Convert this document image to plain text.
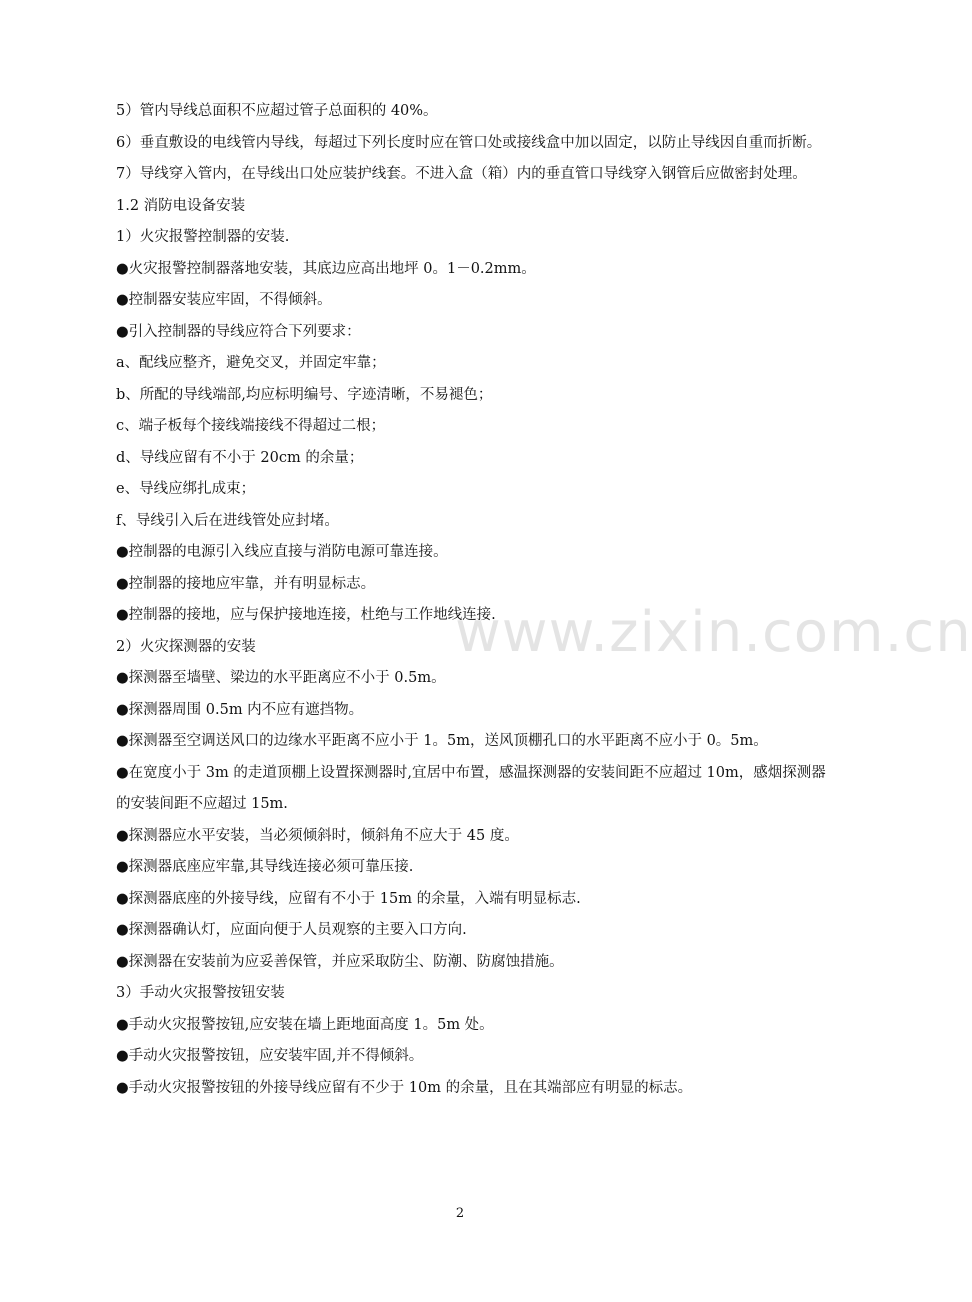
5）管内导线总面积不应超过管子总面积的 40%。
6）垂直敷设的电线管内导线，每超过下列长度时应在管口处或接线盒中加以固定，以防止导线因自重而折断。
7）导线穿入管内，在导线出口处应装护线套。不进入盒（箱）内的垂直管口导线穿入钢管后应做密封处理。
1.2 消防电设备安装
1）火灾报警控制器的安装.
●火灾报警控制器落地安装，其底边应高出地坪 0。1－0.2mm。
●控制器安装应牢固，不得倾斜。
●引入控制器的导线应符合下列要求：
a、配线应整齐，避免交叉，并固定牢靠；
b、所配的导线端部,均应标明编号、字迹清晰，不易褪色；
c、端子板每个接线端接线不得超过二根；
d、导线应留有不小于 20cm 的余量；
e、导线应绑扎成束；
f、导线引入后在进线管处应封堵。
●控制器的电源引入线应直接与消防电源可靠连接。
●控制器的接地应牢靠，并有明显标志。
●控制器的接地，应与保护接地连接，杜绝与工作地线连接.
2）火灾探测器的安装
●探测器至墙壁、梁边的水平距离应不小于 0.5m。
●探测器周围 0.5m 内不应有遮挡物。
●探测器至空调送风口的边缘水平距离不应小于 1。5m，送风顶棚孔口的水平距离不应小于 0。5m。
●在宽度小于 3m 的走道顶棚上设置探测器时,宜居中布置，感温探测器的安装间距不应超过 10m，感烟探测器的安装间距不应超过 15m.
●探测器应水平安装，当必须倾斜时，倾斜角不应大于 45 度。
●探测器底座应牢靠,其导线连接必须可靠压接.
●探测器底座的外接导线，应留有不小于 15m 的余量，入端有明显标志.
●探测器确认灯，应面向便于人员观察的主要入口方向.
●探测器在安装前为应妥善保管，并应采取防尘、防潮、防腐蚀措施。
3）手动火灾报警按钮安装
●手动火灾报警按钮,应安装在墙上距地面高度 1。5m 处。
●手动火灾报警按钮，应安装牢固,并不得倾斜。
●手动火灾报警按钮的外接导线应留有不少于 10m 的余量，且在其端部应有明显的标志。
www.zixin.com.cn
2
